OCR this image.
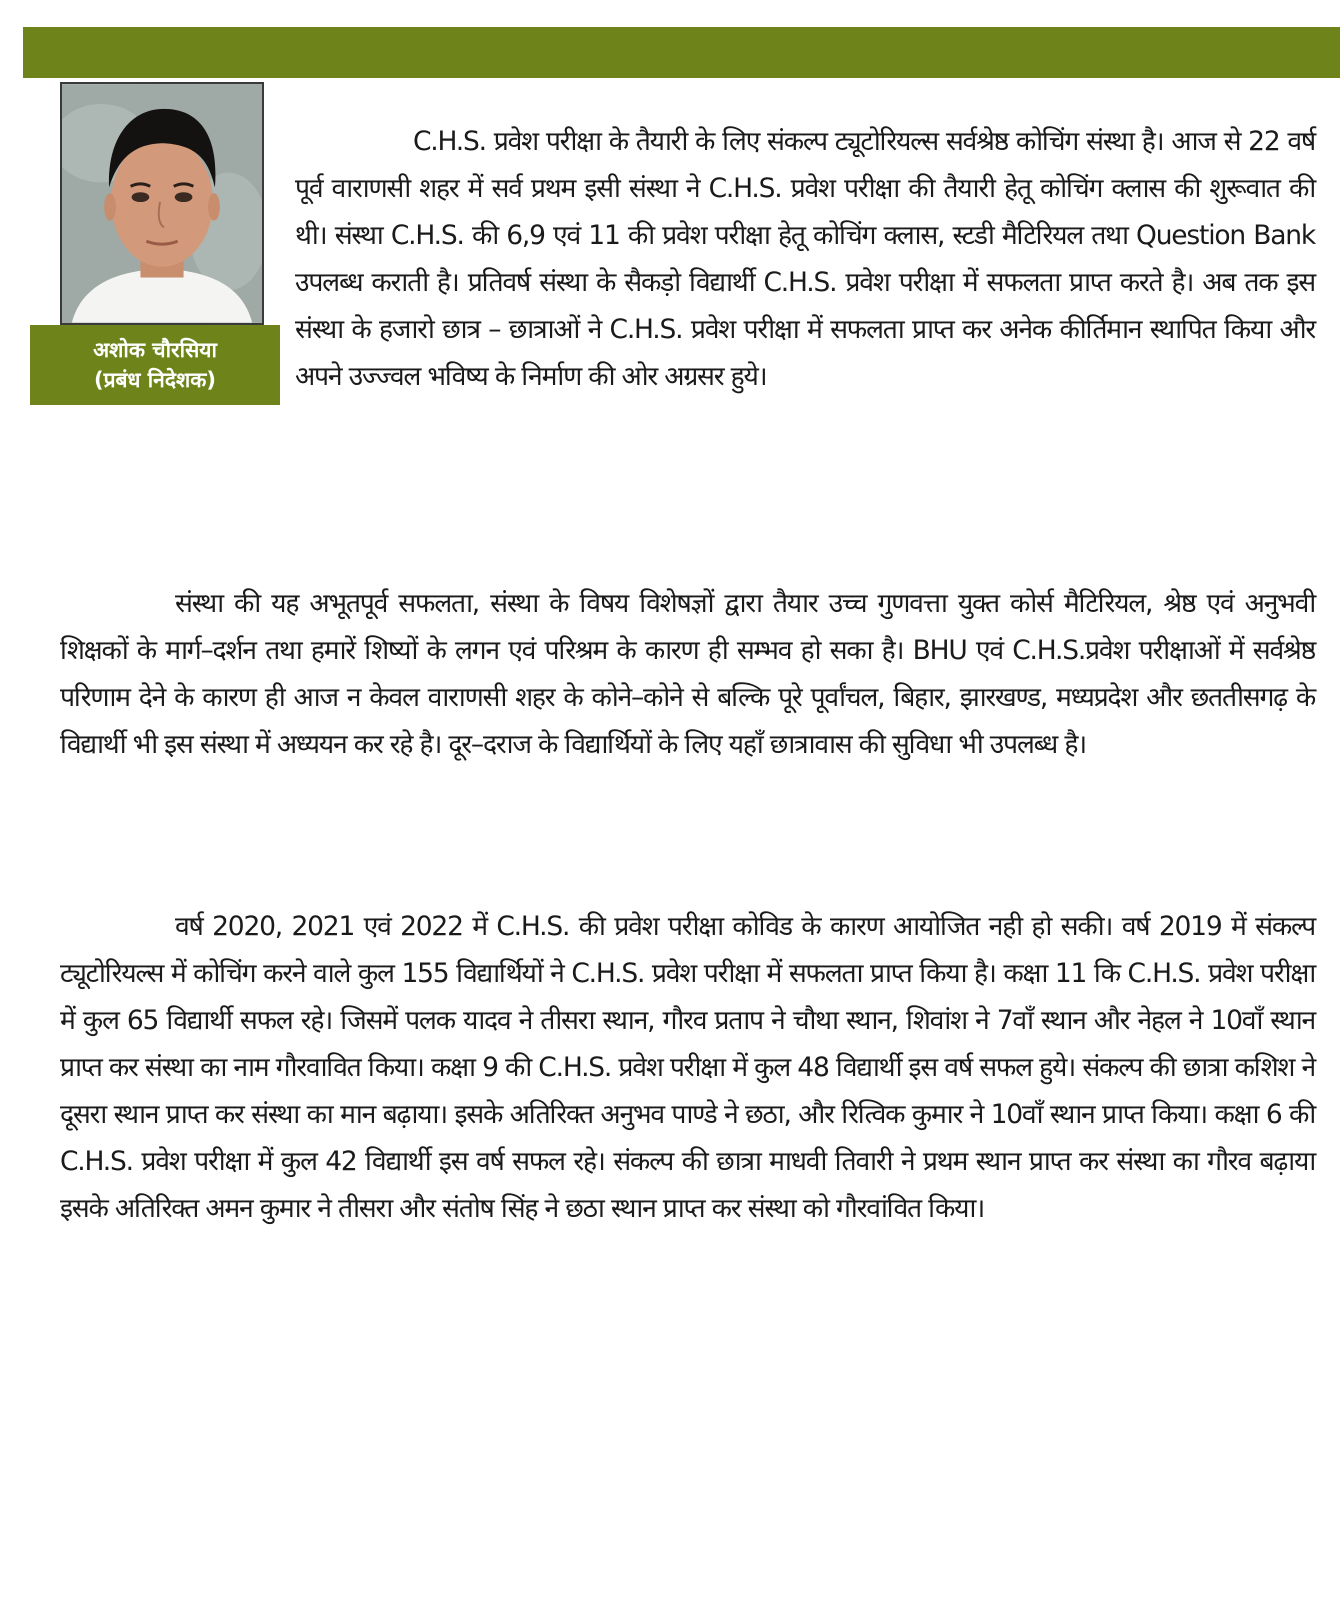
अशोक चौरसिया
(प्रबंध निदेशक)
C.H.S. प्रवेश परीक्षा के तैयारी के लिए संकल्प ट्यूटोरियल्स सर्वश्रेष्ठ कोचिंग संस्था है। आज से 22 वर्ष पूर्व वाराणसी शहर में सर्व प्रथम इसी संस्था ने C.H.S. प्रवेश परीक्षा की तैयारी हेतू कोचिंग क्लास की शुरूवात की थी। संस्था C.H.S. की 6,9 एवं 11 की प्रवेश परीक्षा हेतू कोचिंग क्लास, स्टडी मैटिरियल तथा Question Bank उपलब्ध कराती है। प्रतिवर्ष संस्था के सैकड़ो विद्यार्थी C.H.S. प्रवेश परीक्षा में सफलता प्राप्त करते है। अब तक इस संस्था के हजारो छात्र – छात्राओं ने C.H.S. प्रवेश परीक्षा में सफलता प्राप्त कर अनेक कीर्तिमान स्थापित किया और अपने उज्ज्वल भविष्य के निर्माण की ओर अग्रसर हुये।
संस्था की यह अभूतपूर्व सफलता, संस्था के विषय विशेषज्ञों द्वारा तैयार उच्च गुणवत्ता युक्त कोर्स मैटिरियल, श्रेष्ठ एवं अनुभवी शिक्षकों के मार्ग–दर्शन तथा हमारें शिष्यों के लगन एवं परिश्रम के कारण ही सम्भव हो सका है। BHU एवं C.H.S.प्रवेश परीक्षाओं में सर्वश्रेष्ठ परिणाम देने के कारण ही आज न केवल वाराणसी शहर के कोने–कोने से बल्कि पूरे पूर्वांचल, बिहार, झारखण्ड, मध्यप्रदेश और छततीसगढ़ के विद्यार्थी भी इस संस्था में अध्ययन कर रहे है। दूर–दराज के विद्यार्थियों के लिए यहाँ छात्रावास की सुविधा भी उपलब्ध है।
वर्ष 2020, 2021 एवं 2022 में C.H.S. की प्रवेश परीक्षा कोविड के कारण आयोजित नही हो सकी। वर्ष 2019 में संकल्प ट्यूटोरियल्स में कोचिंग करने वाले कुल 155 विद्यार्थियों ने C.H.S. प्रवेश परीक्षा में सफलता प्राप्त किया है। कक्षा 11 कि C.H.S. प्रवेश परीक्षा में कुल 65 विद्यार्थी सफल रहे। जिसमें पलक यादव ने तीसरा स्थान, गौरव प्रताप ने चौथा स्थान, शिवांश ने 7वाँ स्थान और नेहल ने 10वाँ स्थान प्राप्त कर संस्था का नाम गौरवावित किया। कक्षा 9 की C.H.S. प्रवेश परीक्षा में कुल 48 विद्यार्थी इस वर्ष सफल हुये। संकल्प की छात्रा कशिश ने दूसरा स्थान प्राप्त कर संस्था का मान बढ़ाया। इसके अतिरिक्त अनुभव पाण्डे ने छठा, और रित्विक कुमार ने 10वाँ स्थान प्राप्त किया। कक्षा 6 की C.H.S. प्रवेश परीक्षा में कुल 42 विद्यार्थी इस वर्ष सफल रहे। संकल्प की छात्रा माधवी तिवारी ने प्रथम स्थान प्राप्त कर संस्था का गौरव बढ़ाया इसके अतिरिक्त अमन कुमार ने तीसरा और संतोष सिंह ने छठा स्थान प्राप्त कर संस्था को गौरवांवित किया।
